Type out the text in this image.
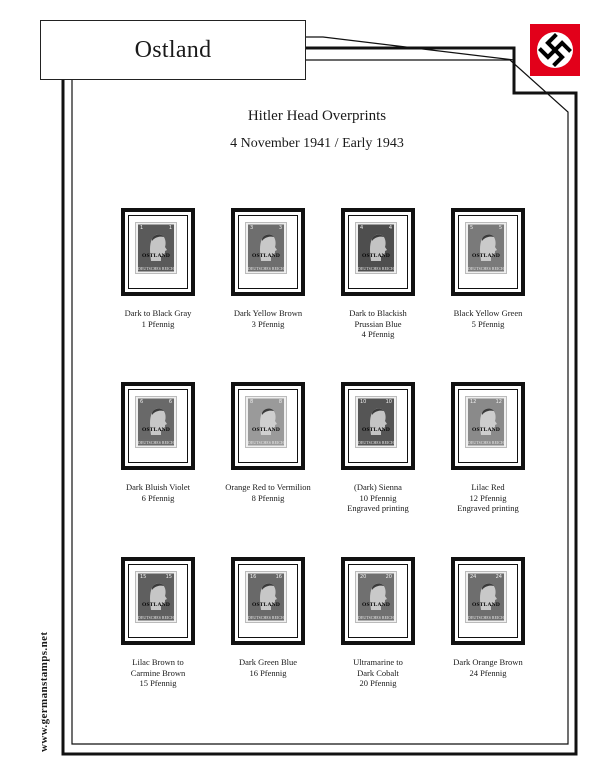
Ostland
Hitler Head Overprints
4 November 1941 / Early 1943
www.germanstamps.net
1	1
OSTLAND
DEUTSCHES REICH
Dark to Black Gray
1 Pfennig
3	3
OSTLAND
DEUTSCHES REICH
Dark Yellow Brown
3 Pfennig
4	4
OSTLAND
DEUTSCHES REICH
Dark to Blackish
Prussian Blue
4 Pfennig
5	5
OSTLAND
DEUTSCHES REICH
Black Yellow Green
5 Pfennig
6	6
OSTLAND
DEUTSCHES REICH
Dark Bluish Violet
6 Pfennig
8	8
OSTLAND
DEUTSCHES REICH
Orange Red to Vermilion
8 Pfennig
10	10
OSTLAND
DEUTSCHES REICH
(Dark) Sienna
10 Pfennig
Engraved printing
12	12
OSTLAND
DEUTSCHES REICH
Lilac Red
12 Pfennig
Engraved printing
15	15
OSTLAND
DEUTSCHES REICH
Lilac Brown to
Carmine Brown
15 Pfennig
16	16
OSTLAND
DEUTSCHES REICH
Dark Green Blue
16 Pfennig
20	20
OSTLAND
DEUTSCHES REICH
Ultramarine to
Dark Cobalt
20 Pfennig
24	24
OSTLAND
DEUTSCHES REICH
Dark Orange Brown
24 Pfennig
